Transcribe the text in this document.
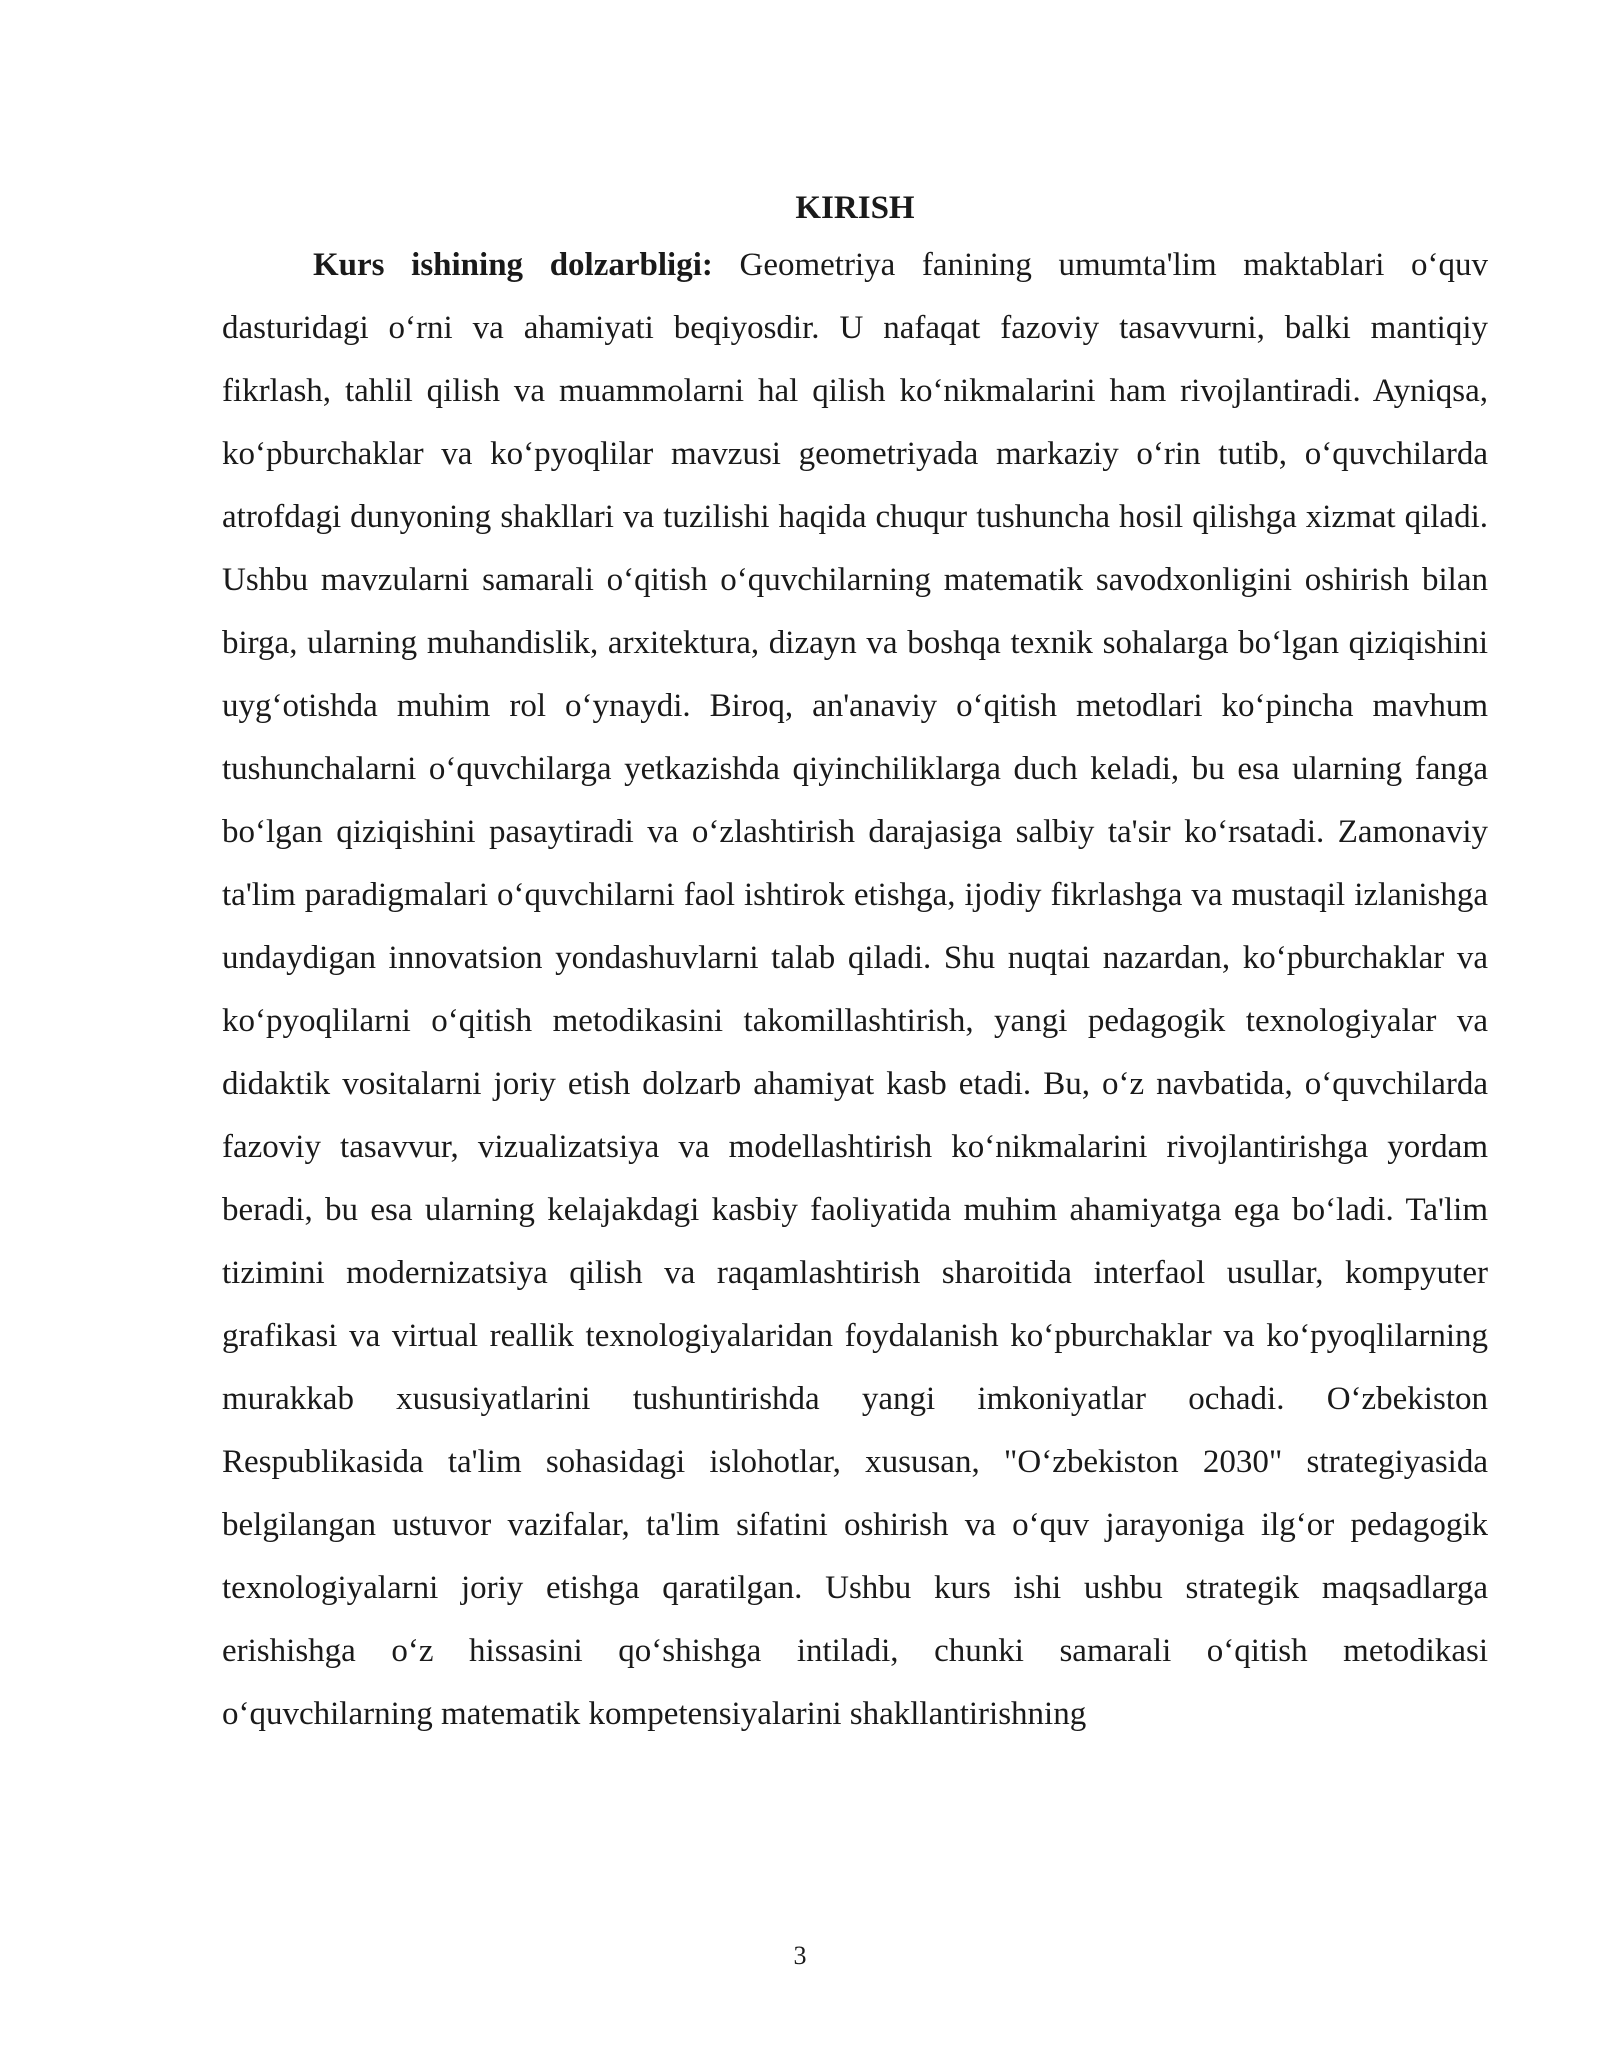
KIRISH

Kurs ishining dolzarbligi: Geometriya fanining umumta'lim maktablari o‘quv dasturidagi o‘rni va ahamiyati beqiyosdir. U nafaqat fazoviy tasavvurni, balki mantiqiy fikrlash, tahlil qilish va muammolarni hal qilish ko‘nikmalarini ham rivojlantiradi. Ayniqsa, ko‘pburchaklar va ko‘pyoqlilar mavzusi geometriyada markaziy o‘rin tutib, o‘quvchilarda atrofdagi dunyoning shakllari va tuzilishi haqida chuqur tushuncha hosil qilishga xizmat qiladi. Ushbu mavzularni samarali o‘qitish o‘quvchilarning matematik savodxonligini oshirish bilan birga, ularning muhandislik, arxitektura, dizayn va boshqa texnik sohalarga bo‘lgan qiziqishini uyg‘otishda muhim rol o‘ynaydi. Biroq, an'anaviy o‘qitish metodlari ko‘pincha mavhum tushunchalarni o‘quvchilarga yetkazishda qiyinchiliklarga duch keladi, bu esa ularning fanga bo‘lgan qiziqishini pasaytiradi va o‘zlashtirish darajasiga salbiy ta'sir ko‘rsatadi. Zamonaviy ta'lim paradigmalari o‘quvchilarni faol ishtirok etishga, ijodiy fikrlashga va mustaqil izlanishga undaydigan innovatsion yondashuvlarni talab qiladi. Shu nuqtai nazardan, ko‘pburchaklar va ko‘pyoqlilarni o‘qitish metodikasini takomillashtirish, yangi pedagogik texnologiyalar va didaktik vositalarni joriy etish dolzarb ahamiyat kasb etadi. Bu, o‘z navbatida, o‘quvchilarda fazoviy tasavvur, vizualizatsiya va modellashtirish ko‘nikmalarini rivojlantirishga yordam beradi, bu esa ularning kelajakdagi kasbiy faoliyatida muhim ahamiyatga ega bo‘ladi. Ta'lim tizimini modernizatsiya qilish va raqamlashtirish sharoitida interfaol usullar, kompyuter grafikasi va virtual reallik texnologiyalaridan foydalanish ko‘pburchaklar va ko‘pyoqlilarning murakkab xususiyatlarini tushuntirishda yangi imkoniyatlar ochadi. O‘zbekiston Respublikasida ta'lim sohasidagi islohotlar, xususan, "O‘zbekiston 2030" strategiyasida belgilangan ustuvor vazifalar, ta'lim sifatini oshirish va o‘quv jarayoniga ilg‘or pedagogik texnologiyalarni joriy etishga qaratilgan. Ushbu kurs ishi ushbu strategik maqsadlarga erishishga o‘z hissasini qo‘shishga intiladi, chunki samarali o‘qitish metodikasi o‘quvchilarning matematik kompetensiyalarini shakllantirishning

3
